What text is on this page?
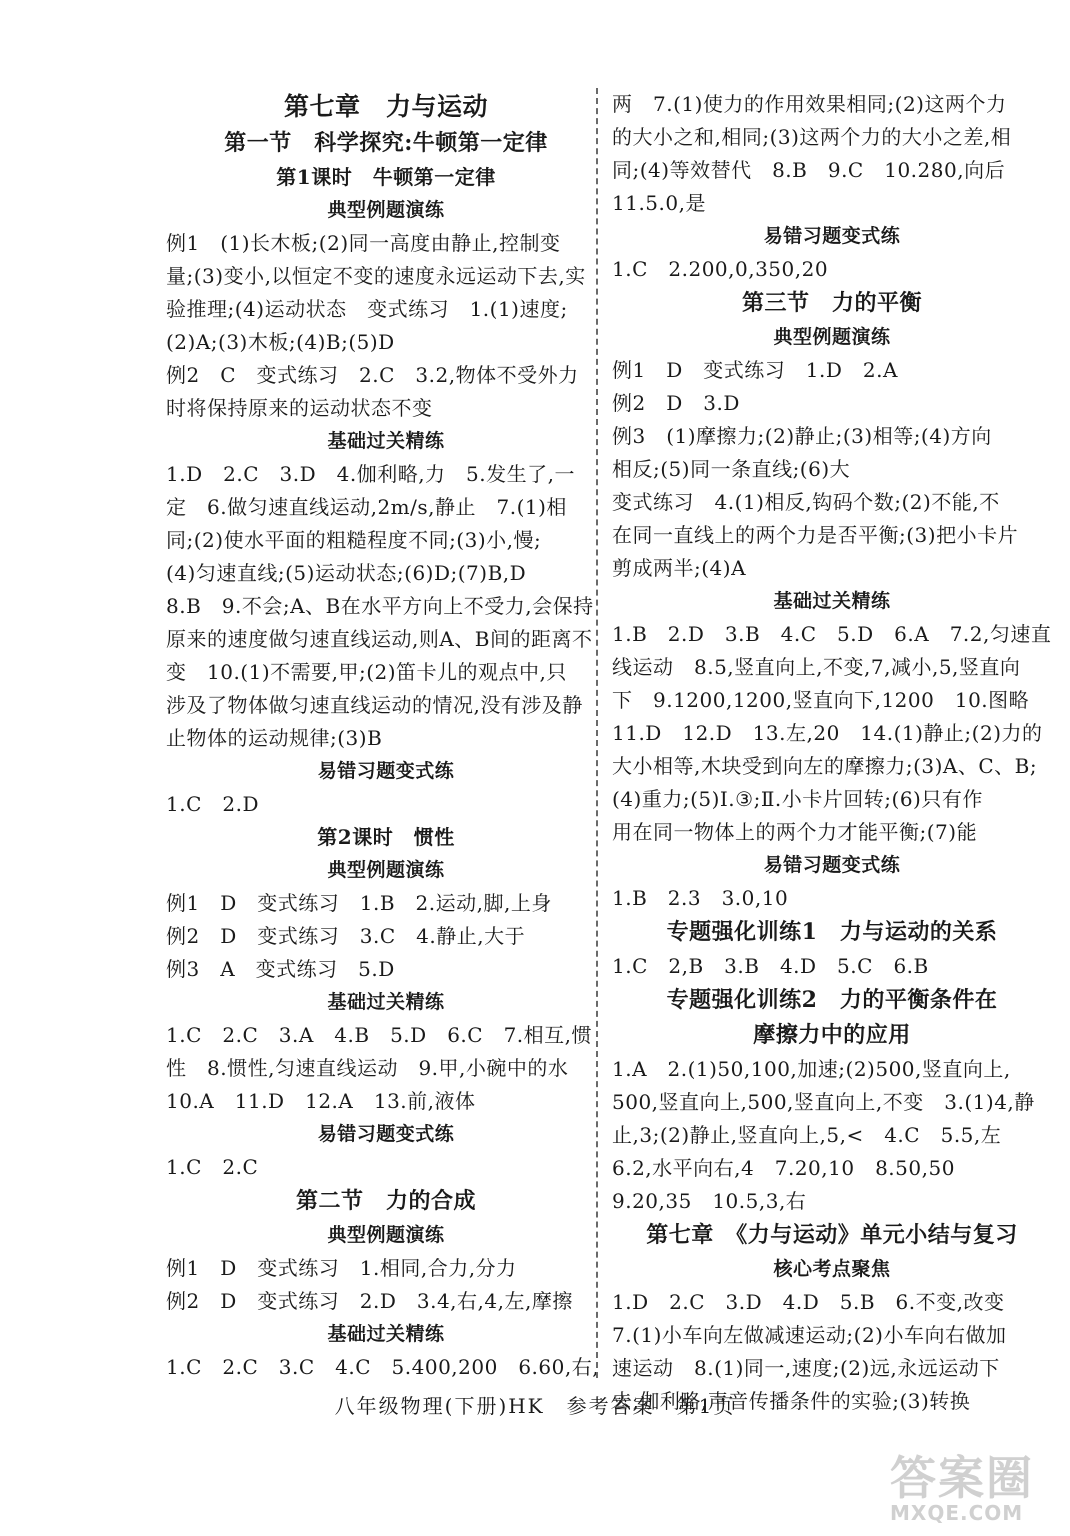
第七章　力与运动
第一节　科学探究:牛顿第一定律
第1课时　牛顿第一定律
典型例题演练
例1　(1)长木板;(2)同一高度由静止,控制变
量;(3)变小,以恒定不变的速度永远运动下去,实
验推理;(4)运动状态　变式练习　1.(1)速度;
(2)A;(3)木板;(4)B;(5)D
例2　C　变式练习　2.C　3.2,物体不受外力
时将保持原来的运动状态不变
基础过关精练
1.D　2.C　3.D　4.伽利略,力　5.发生了,一
定　6.做匀速直线运动,2m/s,静止　7.(1)相
同;(2)使水平面的粗糙程度不同;(3)小,慢;
(4)匀速直线;(5)运动状态;(6)D;(7)B,D
8.B　9.不会;A、B在水平方向上不受力,会保持
原来的速度做匀速直线运动,则A、B间的距离不
变　10.(1)不需要,甲;(2)笛卡儿的观点中,只
涉及了物体做匀速直线运动的情况,没有涉及静
止物体的运动规律;(3)B
易错习题变式练
1.C　2.D
第2课时　惯性
典型例题演练
例1　D　变式练习　1.B　2.运动,脚,上身
例2　D　变式练习　3.C　4.静止,大于
例3　A　变式练习　5.D
基础过关精练
1.C　2.C　3.A　4.B　5.D　6.C　7.相互,惯
性　8.惯性,匀速直线运动　9.甲,小碗中的水
10.A　11.D　12.A　13.前,液体
易错习题变式练
1.C　2.C
第二节　力的合成
典型例题演练
例1　D　变式练习　1.相同,合力,分力
例2　D　变式练习　2.D　3.4,右,4,左,摩擦
基础过关精练
1.C　2.C　3.C　4.C　5.400,200　6.60,右,
两　7.(1)使力的作用效果相同;(2)这两个力
的大小之和,相同;(3)这两个力的大小之差,相
同;(4)等效替代　8.B　9.C　10.280,向后
11.5.0,是
易错习题变式练
1.C　2.200,0,350,20
第三节　力的平衡
典型例题演练
例1　D　变式练习　1.D　2.A
例2　D　3.D
例3　(1)摩擦力;(2)静止;(3)相等;(4)方向
相反;(5)同一条直线;(6)大
变式练习　4.(1)相反,钩码个数;(2)不能,不
在同一直线上的两个力是否平衡;(3)把小卡片
剪成两半;(4)A
基础过关精练
1.B　2.D　3.B　4.C　5.D　6.A　7.2,匀速直
线运动　8.5,竖直向上,不变,7,减小,5,竖直向
下　9.1200,1200,竖直向下,1200　10.图略
11.D　12.D　13.左,20　14.(1)静止;(2)力的
大小相等,木块受到向左的摩擦力;(3)A、C、B;
(4)重力;(5)Ⅰ.③;Ⅱ.小卡片回转;(6)只有作
用在同一物体上的两个力才能平衡;(7)能
易错习题变式练
1.B　2.3　3.0,10
专题强化训练1　力与运动的关系
1.C　2,B　3.B　4.D　5.C　6.B
专题强化训练2　力的平衡条件在
摩擦力中的应用
1.A　2.(1)50,100,加速;(2)500,竖直向上,
500,竖直向上,500,竖直向上,不变　3.(1)4,静
止,3;(2)静止,竖直向上,5,<　4.C　5.5,左
6.2,水平向右,4　7.20,10　8.50,50
9.20,35　10.5,3,右
第七章　《力与运动》单元小结与复习
核心考点聚焦
1.D　2.C　3.D　4.D　5.B　6.不变,改变
7.(1)小车向左做减速运动;(2)小车向右做加
速运动　8.(1)同一,速度;(2)远,永远运动下
去,伽利略,声音传播条件的实验;(3)转换
八年级物理(下册)HK　参考答案　第1页
答案圈
MXQE.COM
